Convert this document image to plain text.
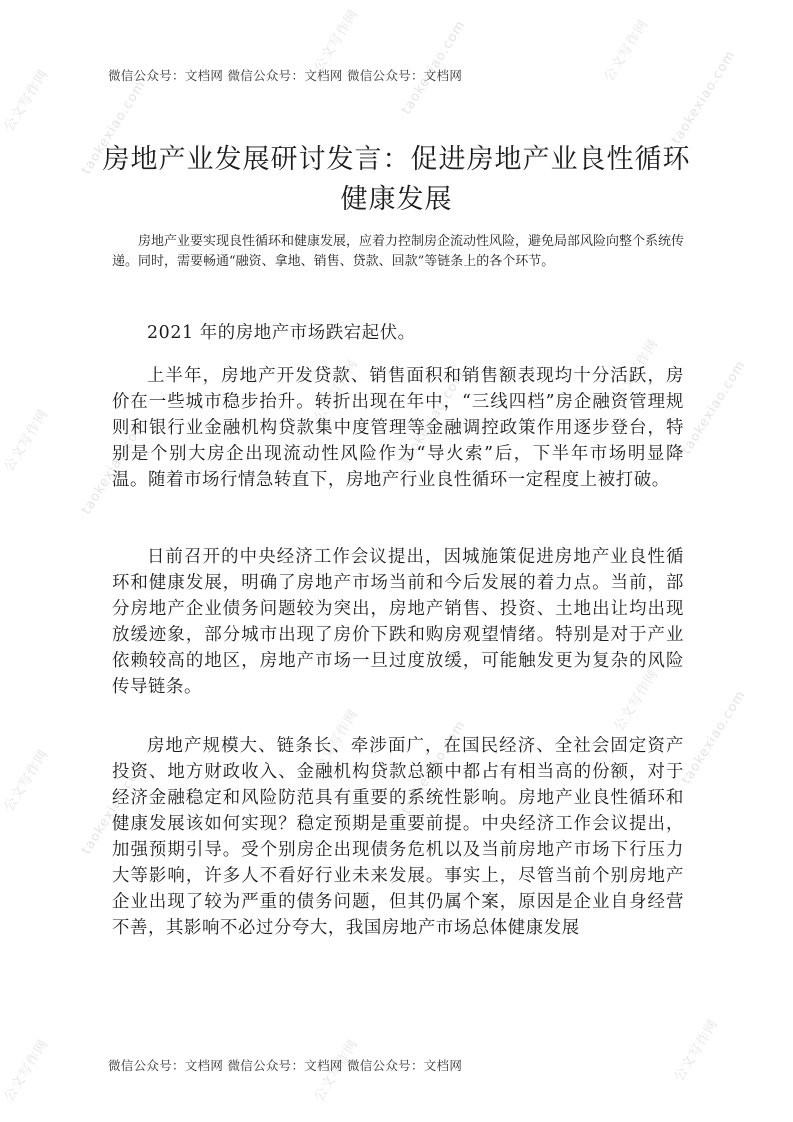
公文写作网 taokexiao.com
公文写作网	taokexiao.com	公文写作网 taokexiao.com
公文写作网 taokexiao.com
公文写作网	taokexiao.com	公文写作网 taokexiao.com
公文写作网 taokexiao.com
公文写作网	taokexiao.com
公文写作网 taokexiao.com
公文写作网	公文写作网	公文写作网
微信公众号：文档网 微信公众号：文档网 微信公众号：文档网
房地产业发展研讨发言：促进房地产业良性循环健康发展

房地产业要实现良性循环和健康发展，应着力控制房企流动性风险，避免局部风险向整个系统传递。同时，需要畅通“融资、拿地、销售、贷款、回款”等链条上的各个环节。

2021 年的房地产市场跌宕起伏。

上半年，房地产开发贷款、销售面积和销售额表现均十分活跃，房价在一些城市稳步抬升。转折出现在年中，“三线四档”房企融资管理规则和银行业金融机构贷款集中度管理等金融调控政策作用逐步登台，特别是个别大房企出现流动性风险作为“导火索”后，下半年市场明显降温。随着市场行情急转直下，房地产行业良性循环一定程度上被打破。

日前召开的中央经济工作会议提出，因城施策促进房地产业良性循环和健康发展，明确了房地产市场当前和今后发展的着力点。当前，部分房地产企业债务问题较为突出，房地产销售、投资、土地出让均出现放缓迹象，部分城市出现了房价下跌和购房观望情绪。特别是对于产业依赖较高的地区，房地产市场一旦过度放缓，可能触发更为复杂的风险传导链条。

房地产规模大、链条长、牵涉面广，在国民经济、全社会固定资产投资、地方财政收入、金融机构贷款总额中都占有相当高的份额，对于经济金融稳定和风险防范具有重要的系统性影响。房地产业良性循环和健康发展该如何实现？稳定预期是重要前提。中央经济工作会议提出，加强预期引导。受个别房企出现债务危机以及当前房地产市场下行压力大等影响，许多人不看好行业未来发展。事实上，尽管当前个别房地产企业出现了较为严重的债务问题，但其仍属个案，原因是企业自身经营不善，其影响不必过分夸大，我国房地产市场总体健康发展

微信公众号：文档网 微信公众号：文档网 微信公众号：文档网
